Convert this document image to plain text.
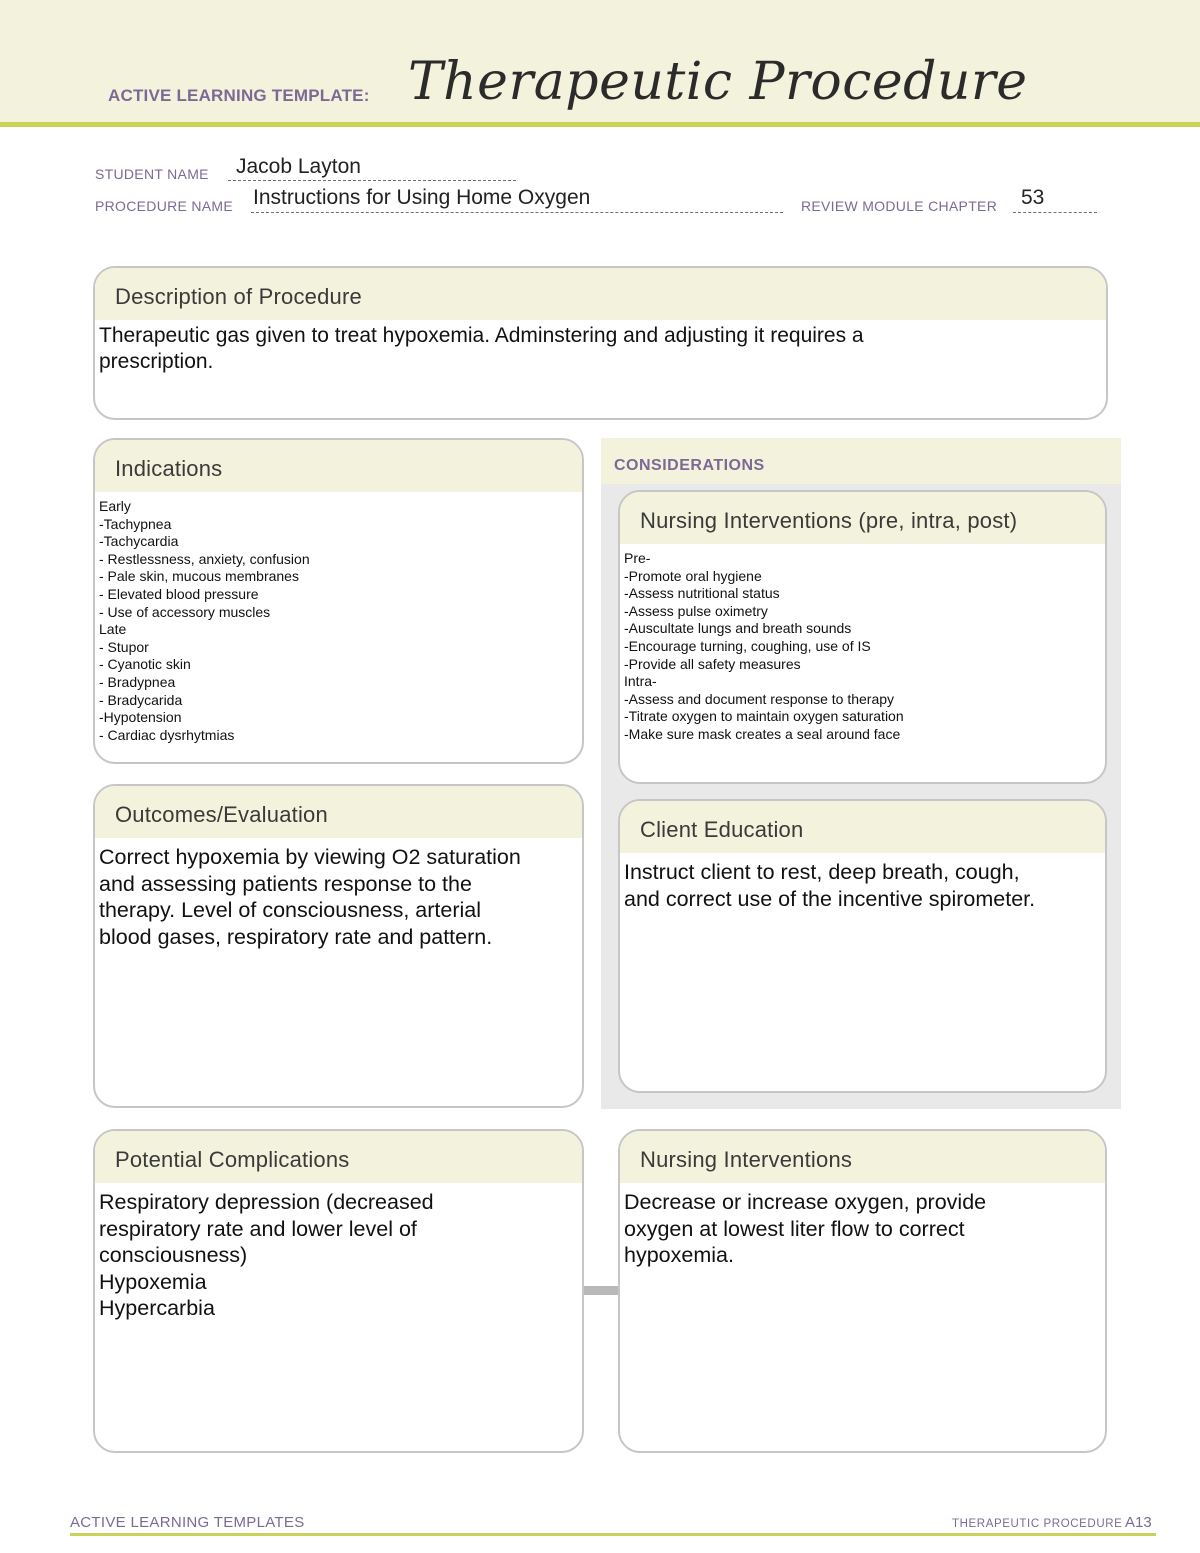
ACTIVE LEARNING TEMPLATE: Therapeutic Procedure
STUDENT NAME Jacob Layton
PROCEDURE NAME Instructions for Using Home Oxygen	REVIEW MODULE CHAPTER 53
Description of Procedure
Therapeutic gas given to treat hypoxemia. Adminstering and adjusting it requires a
prescription.
Indications
Early
-Tachypnea
-Tachycardia
- Restlessness, anxiety, confusion
- Pale skin, mucous membranes
- Elevated blood pressure
- Use of accessory muscles
Late
- Stupor
- Cyanotic skin
- Bradypnea
- Bradycarida
-Hypotension
- Cardiac dysrhytmias
CONSIDERATIONS
Nursing Interventions (pre, intra, post)
Pre-
-Promote oral hygiene
-Assess nutritional status
-Assess pulse oximetry
-Auscultate lungs and breath sounds
-Encourage turning, coughing, use of IS
-Provide all safety measures
Intra-
-Assess and document response to therapy
-Titrate oxygen to maintain oxygen saturation
-Make sure mask creates a seal around face
Outcomes/Evaluation
Correct hypoxemia by viewing O2 saturation
and assessing patients response to the
therapy. Level of consciousness, arterial
blood gases, respiratory rate and pattern.
Client Education
Instruct client to rest, deep breath, cough,
and correct use of the incentive spirometer.
Potential Complications
Respiratory depression (decreased
respiratory rate and lower level of
consciousness)
Hypoxemia
Hypercarbia
Nursing Interventions
Decrease or increase oxygen, provide
oxygen at lowest liter flow to correct
hypoxemia.
ACTIVE LEARNING TEMPLATES	THERAPEUTIC PROCEDURE A13
